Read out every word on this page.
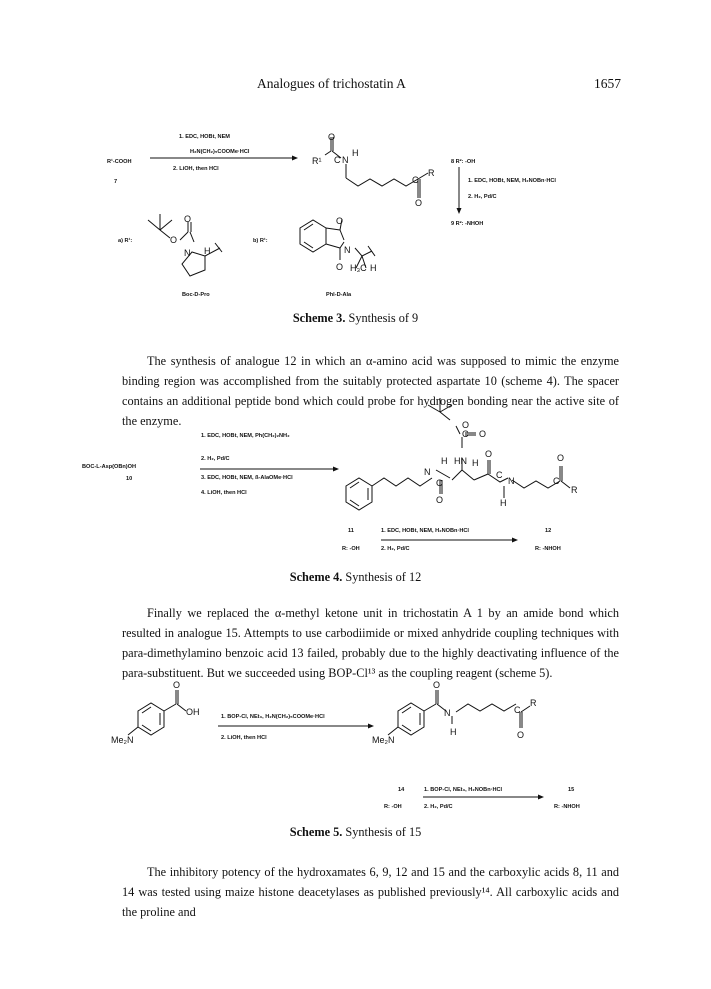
Analogues of trichostatin A	1657
1. EDC, HOBt, NEM
H₂N(CH₂)₅COOMe·HCl
2. LiOH, then HCl
R¹-COOH
7
O
R¹ C N
H
C
R
O
8 R²: -OH
1. EDC, HOBt, NEM, H₂NOBn·HCl
2. H₂, Pd/C
9 R²: -NHOH
a) R¹:
O
O
N H
b) R¹:
O
N
O H₃C H
Boc-D-Pro	Phl-D-Ala
BOC-L-Asp(OBn)OH
10
1. EDC, HOBt, NEM, Ph(CH₂)₂NH₂
2. H₂, Pd/C
3. EDC, HOBt, NEM, ß-AlaOMe·HCl
4. LiOH, then HCl
O
C O
H HN H
O
N
C
O
C
N
H
O
C
R
11
R: -OH
1. EDC, HOBt, NEM, H₂NOBn·HCl
2. H₂, Pd/C
12
R: -NHOH
O
OH
Me₂N
1. BOP-Cl, NEt₃, H₂N(CH₂)₅COOMe·HCl
2. LiOH, then HCl
O
N
H
Me₂N
C
R
O
14
R: -OH
1. BOP-Cl, NEt₃, H₂NOBn·HCl
2. H₂, Pd/C
15
R: -NHOH
Scheme 3. Synthesis of 9
Scheme 4. Synthesis of 12
Scheme 5. Synthesis of 15
The synthesis of analogue 12 in which an α-amino acid was supposed to mimic the enzyme binding region was accomplished from the suitably protected aspartate 10 (scheme 4). The spacer contains an additional peptide bond which could probe for hydrogen bonding near the active site of the enzyme.
Finally we replaced the α-methyl ketone unit in trichostatin A 1 by an amide bond which resulted in analogue 15. Attempts to use carbodiimide or mixed anhydride coupling techniques with para-dimethylamino benzoic acid 13 failed, probably due to the highly deactivating influence of the para-substituent. But we succeeded using BOP-Cl¹³ as the coupling reagent (scheme 5).
The inhibitory potency of the hydroxamates 6, 9, 12 and 15 and the carboxylic acids 8, 11 and 14 was tested using maize histone deacetylases as published previously¹⁴. All carboxylic acids and the proline and
